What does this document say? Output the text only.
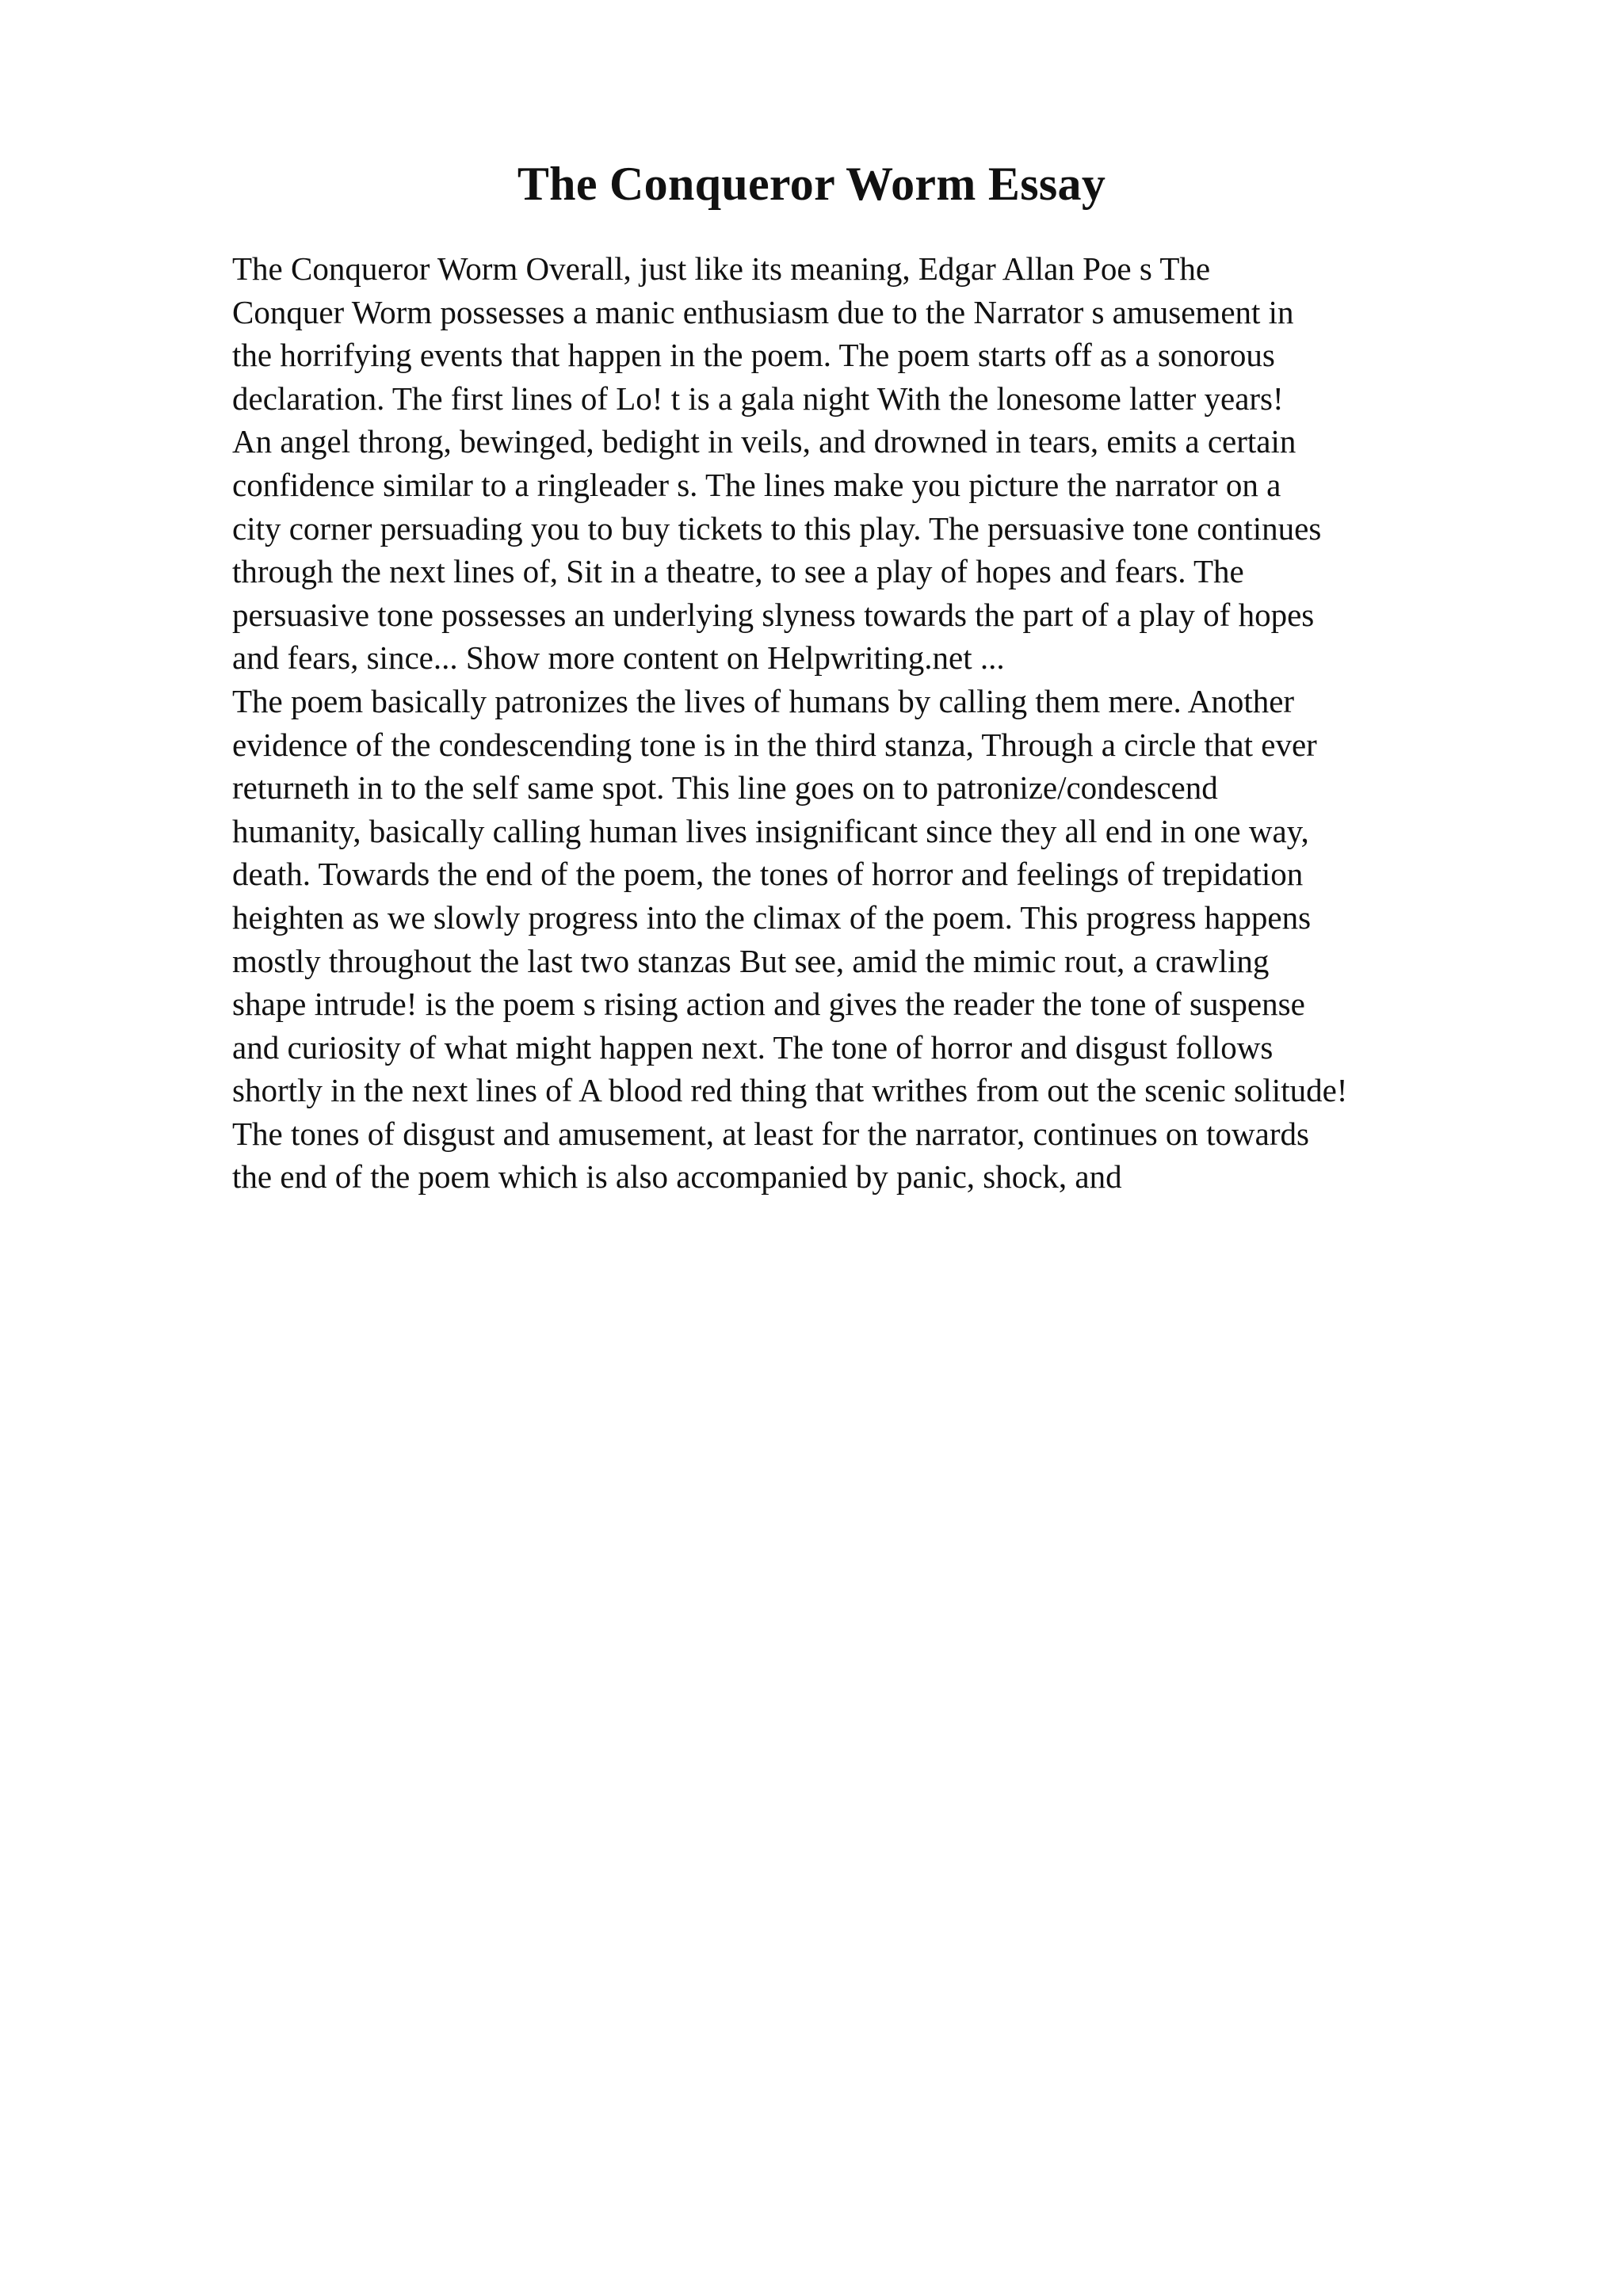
The Conqueror Worm Essay
The Conqueror Worm Overall, just like its meaning, Edgar Allan Poe s The
Conquer Worm possesses a manic enthusiasm due to the Narrator s amusement in
the horrifying events that happen in the poem. The poem starts off as a sonorous
declaration. The first lines of Lo! t is a gala night With the lonesome latter years!
An angel throng, bewinged, bedight in veils, and drowned in tears, emits a certain
confidence similar to a ringleader s. The lines make you picture the narrator on a
city corner persuading you to buy tickets to this play. The persuasive tone continues
through the next lines of, Sit in a theatre, to see a play of hopes and fears. The
persuasive tone possesses an underlying slyness towards the part of a play of hopes
and fears, since... Show more content on Helpwriting.net ...
The poem basically patronizes the lives of humans by calling them mere. Another
evidence of the condescending tone is in the third stanza, Through a circle that ever
returneth in to the self same spot. This line goes on to patronize/condescend
humanity, basically calling human lives insignificant since they all end in one way,
death. Towards the end of the poem, the tones of horror and feelings of trepidation
heighten as we slowly progress into the climax of the poem. This progress happens
mostly throughout the last two stanzas But see, amid the mimic rout, a crawling
shape intrude! is the poem s rising action and gives the reader the tone of suspense
and curiosity of what might happen next. The tone of horror and disgust follows
shortly in the next lines of A blood red thing that writhes from out the scenic solitude!
The tones of disgust and amusement, at least for the narrator, continues on towards
the end of the poem which is also accompanied by panic, shock, and
